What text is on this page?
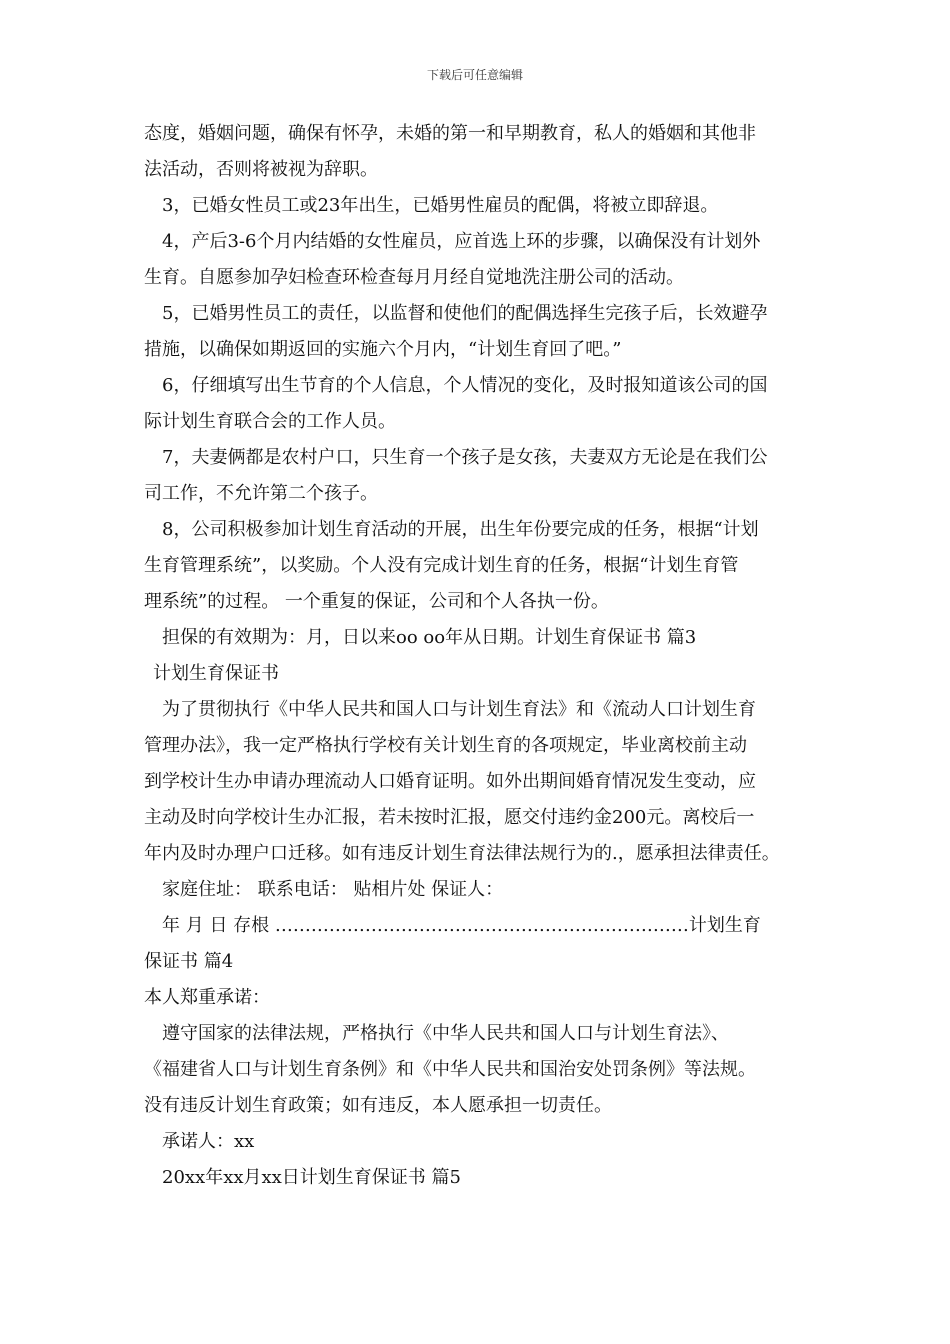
下载后可任意编辑
态度，婚姻问题，确保有怀孕，未婚的第一和早期教育，私人的婚姻和其他非
法活动，否则将被视为辞职。
3，已婚女性员工或23年出生，已婚男性雇员的配偶，将被立即辞退。
4，产后3-6个月内结婚的女性雇员，应首选上环的步骤，以确保没有计划外
生育。自愿参加孕妇检查环检查每月月经自觉地洗注册公司的活动。
5，已婚男性员工的责任，以监督和使他们的配偶选择生完孩子后，长效避孕
措施，以确保如期返回的实施六个月内，“计划生育回了吧。”
6，仔细填写出生节育的个人信息，个人情况的变化，及时报知道该公司的国
际计划生育联合会的工作人员。
7，夫妻俩都是农村户口，只生育一个孩子是女孩，夫妻双方无论是在我们公
司工作，不允许第二个孩子。
8，公司积极参加计划生育活动的开展，出生年份要完成的任务，根据“计划
生育管理系统”，以奖励。个人没有完成计划生育的任务，根据“计划生育管
理系统”的过程。 一个重复的保证，公司和个人各执一份。
担保的有效期为：月，日以来oo oo年从日期。计划生育保证书 篇3
计划生育保证书
为了贯彻执行《中华人民共和国人口与计划生育法》和《流动人口计划生育
管理办法》，我一定严格执行学校有关计划生育的各项规定，毕业离校前主动
到学校计生办申请办理流动人口婚育证明。如外出期间婚育情况发生变动，应
主动及时向学校计生办汇报，若未按时汇报，愿交付违约金200元。离校后一
年内及时办理户口迁移。如有违反计划生育法律法规行为的.，愿承担法律责任。
家庭住址： 联系电话： 贴相片处 保证人：
年 月 日 存根 ……………………………………………………………计划生育
保证书 篇4
本人郑重承诺：
遵守国家的法律法规，严格执行《中华人民共和国人口与计划生育法》、
《福建省人口与计划生育条例》和《中华人民共和国治安处罚条例》等法规。
没有违反计划生育政策；如有违反，本人愿承担一切责任。
承诺人：xx
20xx年xx月xx日计划生育保证书 篇5
